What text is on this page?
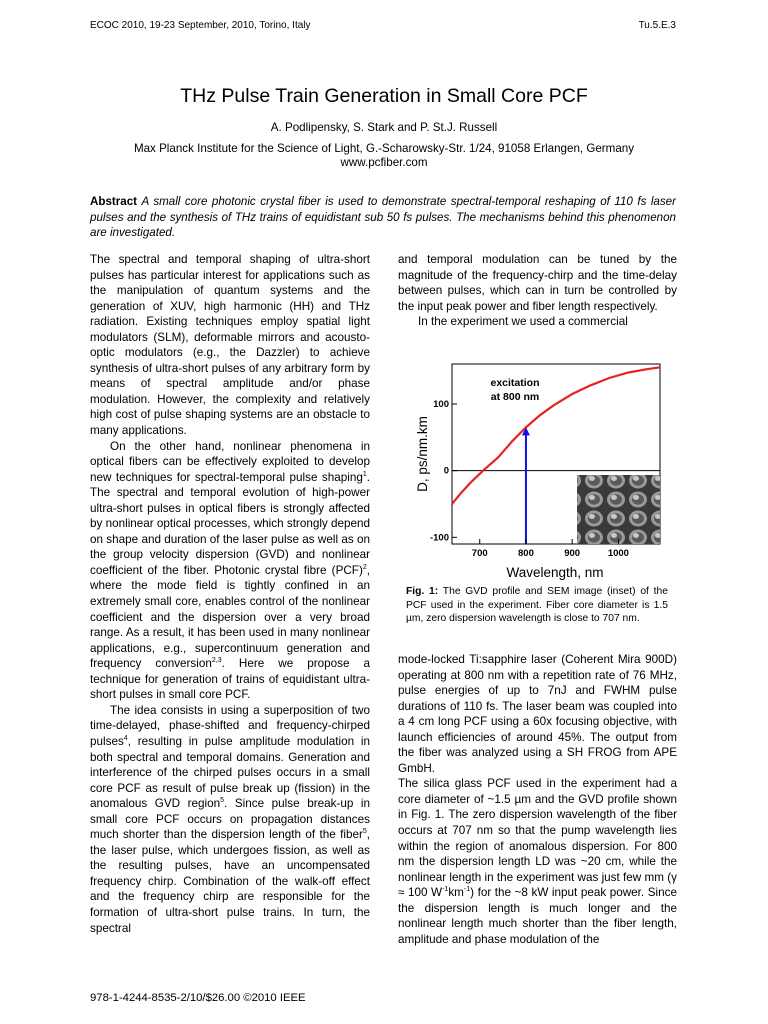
ECOC 2010, 19-23 September, 2010, Torino, Italy	Tu.5.E.3
THz Pulse Train Generation in Small Core PCF
A. Podlipensky, S. Stark and P. St.J. Russell
Max Planck Institute for the Science of Light, G.-Scharowsky-Str. 1/24, 91058 Erlangen, Germany
www.pcfiber.com
Abstract A small core photonic crystal fiber is used to demonstrate spectral-temporal reshaping of 110 fs laser pulses and the synthesis of THz trains of equidistant sub 50 fs pulses. The mechanisms behind this phenomenon are investigated.

The spectral and temporal shaping of ultra-short pulses has particular interest for applications such as the manipulation of quantum systems and the generation of XUV, high harmonic (HH) and THz radiation. Existing techniques employ spatial light modulators (SLM), deformable mirrors and acousto-optic modulators (e.g., the Dazzler) to achieve synthesis of ultra-short pulses of any arbitrary form by means of spectral amplitude and/or phase modulation. However, the complexity and relatively high cost of pulse shaping systems are an obstacle to many applications.

On the other hand, nonlinear phenomena in optical fibers can be effectively exploited to develop new techniques for spectral-temporal pulse shaping$^1$. The spectral and temporal evolution of high-power ultra-short pulses in optical fibers is strongly affected by nonlinear optical processes, which strongly depend on shape and duration of the laser pulse as well as on the group velocity dispersion (GVD) and nonlinear coefficient of the fiber. Photonic crystal fibre (PCF)$^2$, where the mode field is tightly confined in an extremely small core, enables control of the nonlinear coefficient and the dispersion over a very broad range. As a result, it has been used in many nonlinear applications, e.g., supercontinuum generation and frequency conversion$^{2,3}$. Here we propose a technique for generation of trains of equidistant ultra-short pulses in small core PCF.

The idea consists in using a superposition of two time-delayed, phase-shifted and frequency-chirped pulses$^4$, resulting in pulse amplitude modulation in both spectral and temporal domains. Generation and interference of the chirped pulses occurs in a small core PCF as result of pulse break up (fission) in the anomalous GVD region$^5$. Since pulse break-up in small core PCF occurs on propagation distances much shorter than the dispersion length of the fiber$^5$, the laser pulse, which undergoes fission, as well as the resulting pulses, have an uncompensated frequency chirp. Combination of the walk-off effect and the frequency chirp are responsible for the formation of ultra-short pulse trains. In turn, the spectral

and temporal modulation can be tuned by the magnitude of the frequency-chirp and the time-delay between pulses, which can in turn be controlled by the input peak power and fiber length respectively.

In the experiment we used a commercial

700	800	900	1000
100
0
-100
excitation
at 800 nm
Wavelength, nm
D, ps/nm.km
Fig. 1: The GVD profile and SEM image (inset) of the PCF used in the experiment. Fiber core diameter is 1.5 µm, zero dispersion wavelength is close to 707 nm.

mode-locked Ti:sapphire laser (Coherent Mira 900D) operating at 800 nm with a repetition rate of 76 MHz, pulse energies of up to 7nJ and FWHM pulse durations of 110 fs. The laser beam was coupled into a 4 cm long PCF using a 60x focusing objective, with launch efficiencies of around 45%. The output from the fiber was analyzed using a SH FROG from APE GmbH.

The silica glass PCF used in the experiment had a core diameter of ~1.5 µm and the GVD profile shown in Fig. 1. The zero dispersion wavelength of the fiber occurs at 707 nm so that the pump wavelength lies within the region of anomalous dispersion. For 800 nm the dispersion length LD was ~20 cm, while the nonlinear length in the experiment was just few mm (γ ≈ 100 $W^{-1}km^{-1}$) for the ~8 kW input peak power. Since the dispersion length is much longer and the nonlinear length much shorter than the fiber length, amplitude and phase modulation of the

978-1-4244-8535-2/10/$26.00 ©2010 IEEE
